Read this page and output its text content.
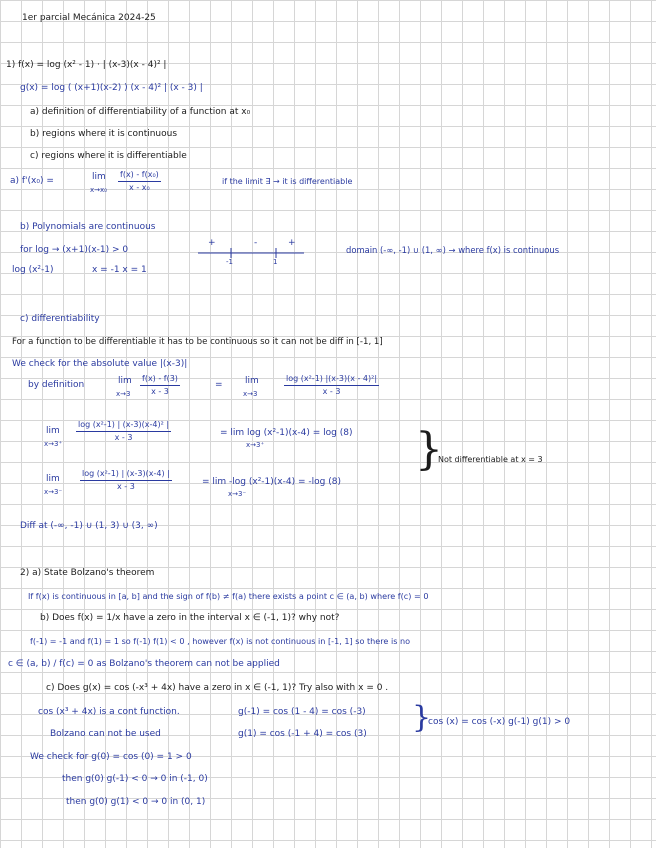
1er parcial Mecánica 2024-25
1) f(x) = log (x² - 1) · | (x-3)(x - 4)² |
g(x) = log ( (x+1)(x-2) ) (x - 4)² | (x - 3) |
a) definition of differentiability of a function at x₀
b) regions where it is continuous
c) regions where it is differentiable
a) f'(x₀) =	lim
$x\to x_0 \frac{\text{f(x) - f(x₀)}}{\text{x - x₀}}$	if the limit ∃ → it is differentiable
b) Polynomials are continuous
for log → (x+1)(x-1) > 0
log (x²-1)	x = -1 x = 1
+	-	+
-1	1
domain (-∞, -1) ∪ (1, ∞) → where f(x) is continuous
c) differentiability
For a function to be differentiable it has to be continuous so it can not be diff in [-1, 1]
We check for the absolute value |(x-3)|
by definition	lim
$x\to 3 \frac{f(x) - f(3)}{x - 3}$	= lim
x→3	$\frac{\text{log (x²-1) |(x-3)(x - 4)²|}}{x - 3}$
lim
x→3⁺
$\frac{\text{log (x²-1) | (x-3)(x-4)² |}}{x - 3}$	= lim log (x²-1)(x-4) = log (8)
x→3⁺
lim
$x\to 3^- \frac{\text{log (x²-1) | (x-3)(x-4) |}}{x - 3}$	= lim -log (x²-1)(x-4) = -log (8)
x→3⁻
}
Not differentiable at x = 3
Diff at (-∞, -1) ∪ (1, 3) ∪ (3, ∞)
2) a) State Bolzano's theorem
If f(x) is continuous in [a, b] and the sign of f(b) ≠ f(a) there exists a point c ∈ (a, b) where f(c) = 0
b) Does f(x) = 1/x have a zero in the interval x ∈ (-1, 1)? why not?
f(-1) = -1 and f(1) = 1 so f(-1) f(1) < 0 , however f(x) is not continuous in [-1, 1] so there is no
c ∈ (a, b) / f(c) = 0 as Bolzano's theorem can not be applied
c) Does g(x) = cos (-x³ + 4x) have a zero in x ∈ (-1, 1)? Try also with x = 0 .
cos (x³ + 4x) is a cont function.	g(-1) = cos (1 - 4) = cos (-3)
Bolzano can not be used	g(1) = cos (-1 + 4) = cos (3) }
cos (x) = cos (-x) g(-1) g(1) > 0
We check for g(0) = cos (0) = 1 > 0
then g(0) g(-1) < 0 → 0 in (-1, 0)
then g(0) g(1) < 0 → 0 in (0, 1)
